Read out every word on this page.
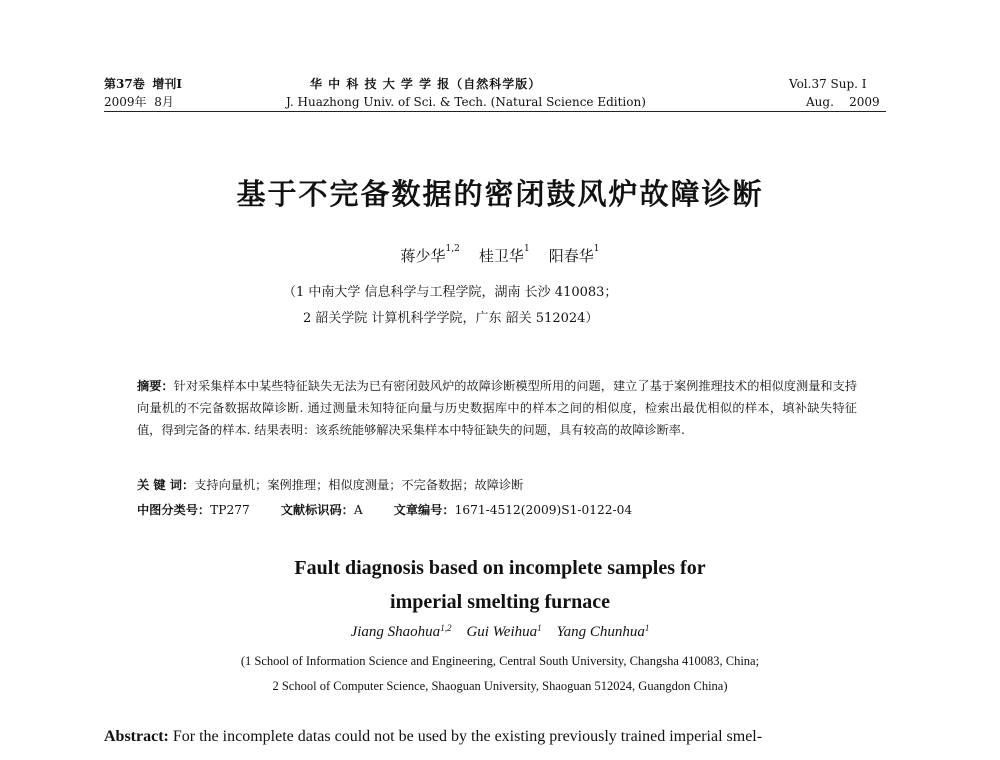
第37卷 增刊Ⅰ
2009年 8月
华 中 科 技 大 学 学 报（自然科学版）
J. Huazhong Univ. of Sci. & Tech. (Natural Science Edition)
Vol.37 Sup. Ⅰ
Aug. 2009
基于不完备数据的密闭鼓风炉故障诊断
蒋少华$^{1,2}$ 桂卫华$^1$ 阳春华$^1$
（1 中南大学 信息科学与工程学院，湖南 长沙 410083；
2 韶关学院 计算机科学学院，广东 韶关 512024）
摘要：针对采集样本中某些特征缺失无法为已有密闭鼓风炉的故障诊断模型所用的问题，建立了基于案例推理技术的相似度测量和支持向量机的不完备数据故障诊断. 通过测量未知特征向量与历史数据库中的样本之间的相似度，检索出最优相似的样本，填补缺失特征值，得到完备的样本. 结果表明：该系统能够解决采集样本中特征缺失的问题，具有较高的故障诊断率.
关 键 词：支持向量机；案例推理；相似度测量；不完备数据；故障诊断
中图分类号：TP277	文献标识码：A	文章编号：1671-4512(2009)S1-0122-04
Fault diagnosis based on incomplete samples for
imperial smelting furnace
Jiang Shaohua$^{1,2}$ Gui Weihua$^1$ Yang Chunhua$^1$
(1 School of Information Science and Engineering, Central South University, Changsha 410083, China;
2 School of Computer Science, Shaoguan University, Shaoguan 512024, Guangdon China)
Abstract: For the incomplete datas could not be used by the existing previously trained imperial smel-
